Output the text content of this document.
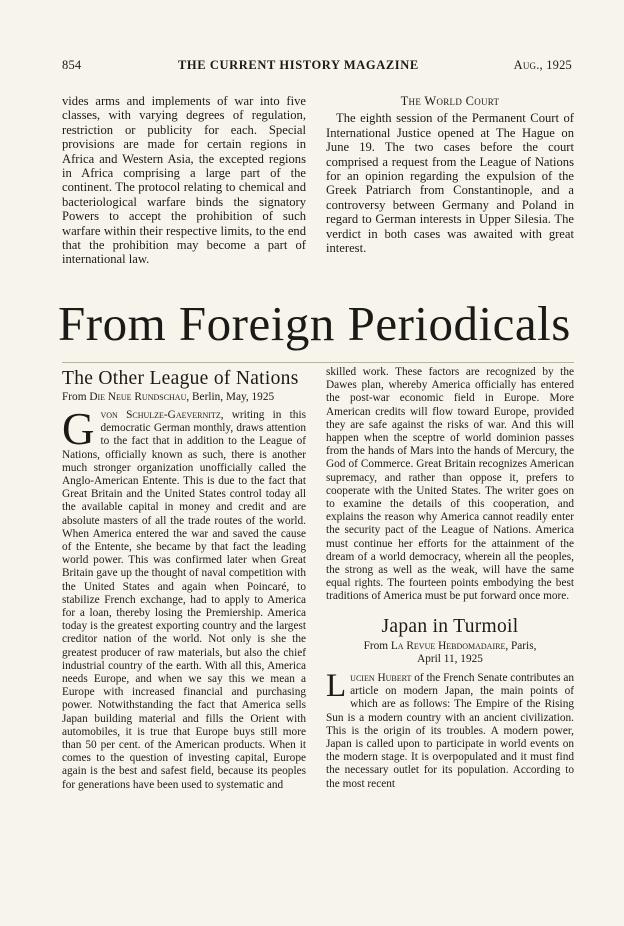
854	THE CURRENT HISTORY MAGAZINE	Aug., 1925

vides arms and implements of war into five classes, with varying degrees of regulation, restriction or publicity for each. Special provisions are made for certain regions in Africa and Western Asia, the excepted regions in Africa comprising a large part of the continent. The protocol relating to chemical and bacteriological warfare binds the signatory Powers to accept the prohibition of such warfare within their respective limits, to the end that the prohibition may become a part of international law.

The World Court

The eighth session of the Permanent Court of International Justice opened at The Hague on June 19. The two cases before the court comprised a request from the League of Nations for an opinion regarding the expulsion of the Greek Patriarch from Constantinople, and a controversy between Germany and Poland in regard to German interests in Upper Silesia. The verdict in both cases was awaited with great interest.

From Foreign Periodicals
The Other League of Nations
From Die Neue Rundschau, Berlin, May, 1925

Gvon Schulze-Gaevernitz, writing in this democratic German monthly, draws attention to the fact that in addition to the League of Nations, officially known as such, there is another much stronger organization unofficially called the Anglo-American Entente. This is due to the fact that Great Britain and the United States control today all the available capital in money and credit and are absolute masters of all the trade routes of the world. When America entered the war and saved the cause of the Entente, she became by that fact the leading world power. This was confirmed later when Great Britain gave up the thought of naval competition with the United States and again when Poincaré, to stabilize French exchange, had to apply to America for a loan, thereby losing the Premiership. America today is the greatest exporting country and the largest creditor nation of the world. Not only is she the greatest producer of raw materials, but also the chief industrial country of the earth. With all this, America needs Europe, and when we say this we mean a Europe with increased financial and purchasing power. Notwithstanding the fact that America sells Japan building material and fills the Orient with automobiles, it is true that Europe buys still more than 50 per cent. of the American products. When it comes to the question of investing capital, Europe again is the best and safest field, because its peoples for generations have been used to systematic and

skilled work. These factors are recognized by the Dawes plan, whereby America officially has entered the post-war economic field in Europe. More American credits will flow toward Europe, provided they are safe against the risks of war. And this will happen when the sceptre of world dominion passes from the hands of Mars into the hands of Mercury, the God of Commerce. Great Britain recognizes American supremacy, and rather than oppose it, prefers to cooperate with the United States. The writer goes on to examine the details of this cooperation, and explains the reason why America cannot readily enter the security pact of the League of Nations. America must continue her efforts for the attainment of the dream of a world democracy, wherein all the peoples, the strong as well as the weak, will have the same equal rights. The fourteen points embodying the best traditions of America must be put forward once more.

Japan in Turmoil
From La Revue Hebdomadaire, Paris,
April 11, 1925

Lucien Hubert of the French Senate contributes an article on modern Japan, the main points of which are as follows: The Empire of the Rising Sun is a modern country with an ancient civilization. This is the origin of its troubles. A modern power, Japan is called upon to participate in world events on the modern stage. It is overpopulated and it must find the necessary outlet for its population. According to the most recent
